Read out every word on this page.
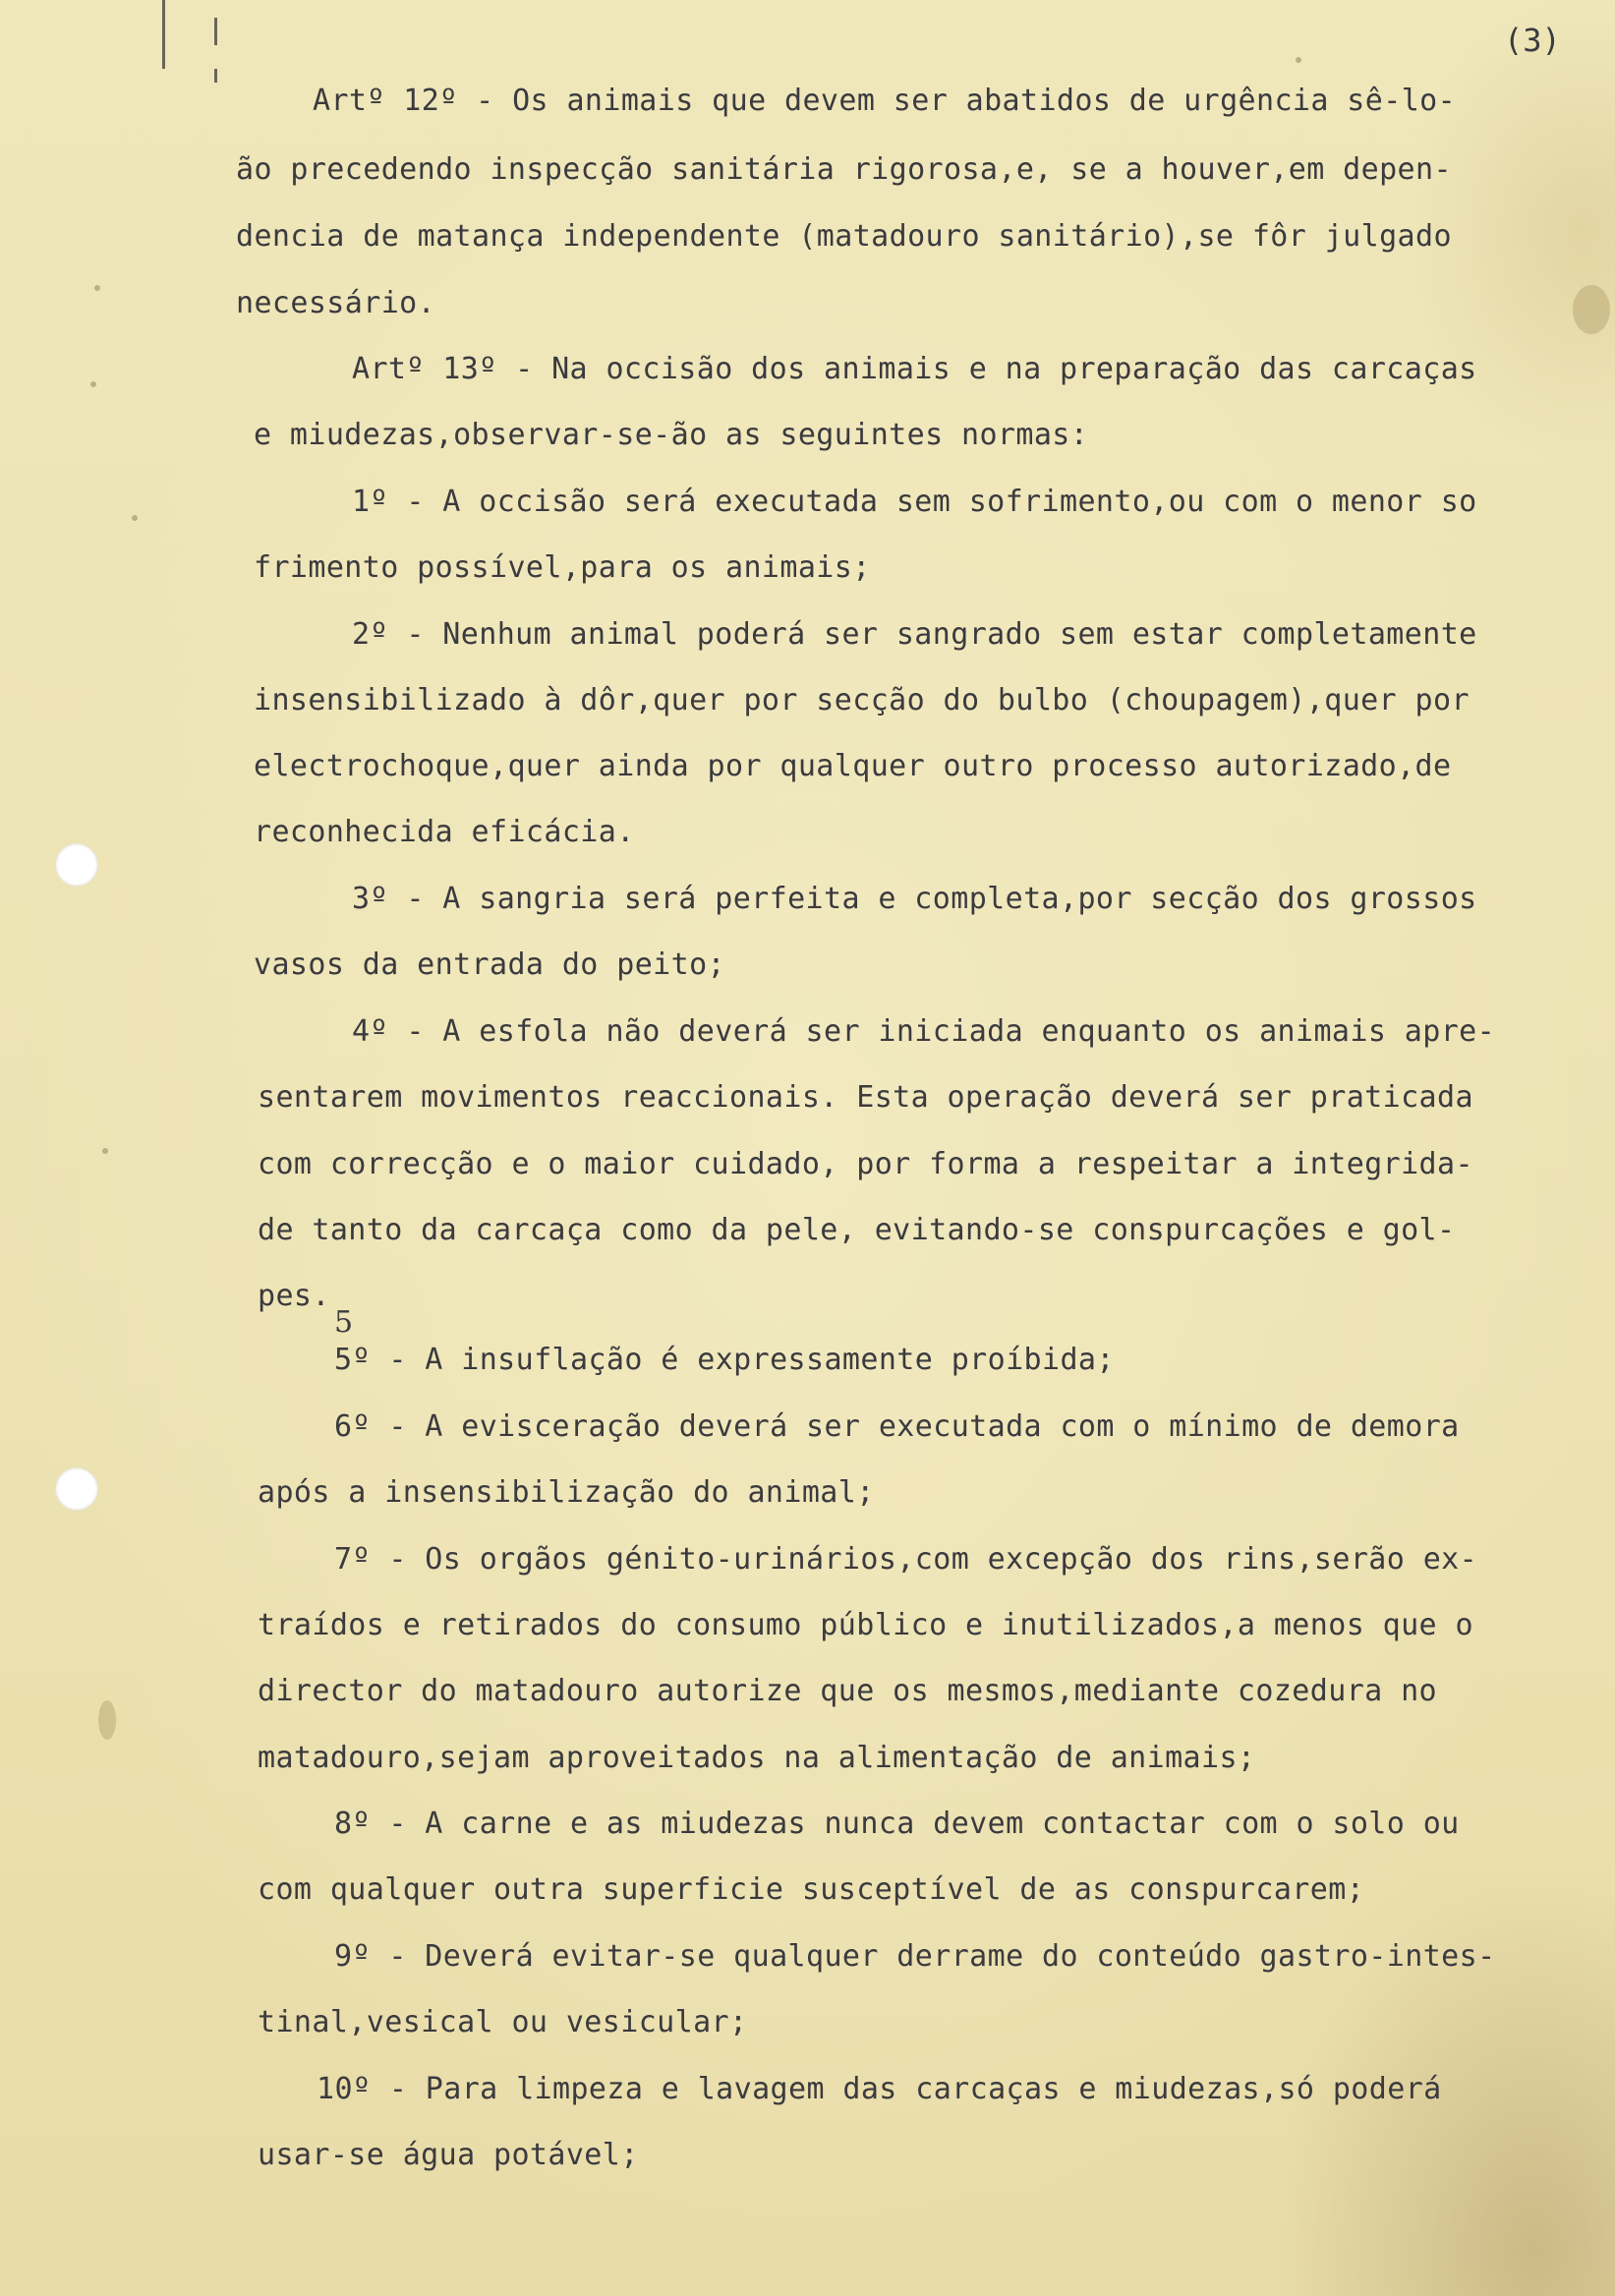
(3)
Artº 12º - Os animais que devem ser abatidos de urgência sê-lo-
ão precedendo inspecção sanitária rigorosa,e, se a houver,em depen-
dencia de matança independente (matadouro sanitário),se fôr julgado
necessário.
Artº 13º - Na occisão dos animais e na preparação das carcaças
e miudezas,observar-se-ão as seguintes normas:
1º - A occisão será executada sem sofrimento,ou com o menor so
frimento possível,para os animais;
2º - Nenhum animal poderá ser sangrado sem estar completamente
insensibilizado à dôr,quer por secção do bulbo (choupagem),quer por
electrochoque,quer ainda por qualquer outro processo autorizado,de
reconhecida eficácia.
3º - A sangria será perfeita e completa,por secção dos grossos
vasos da entrada do peito;
4º - A esfola não deverá ser iniciada enquanto os animais apre-
sentarem movimentos reaccionais. Esta operação deverá ser praticada
com correcção e o maior cuidado, por forma a respeitar a integrida-
de tanto da carcaça como da pele, evitando-se conspurcações e gol-
pes.
5
5º - A insuflação é expressamente proíbida;
6º - A evisceração deverá ser executada com o mínimo de demora
após a insensibilização do animal;
7º - Os orgãos génito-urinários,com excepção dos rins,serão ex-
traídos e retirados do consumo público e inutilizados,a menos que o
director do matadouro autorize que os mesmos,mediante cozedura no
matadouro,sejam aproveitados na alimentação de animais;
8º - A carne e as miudezas nunca devem contactar com o solo ou
com qualquer outra superficie susceptível de as conspurcarem;
9º - Deverá evitar-se qualquer derrame do conteúdo gastro-intes-
tinal,vesical ou vesicular;
10º - Para limpeza e lavagem das carcaças e miudezas,só poderá
usar-se água potável;
